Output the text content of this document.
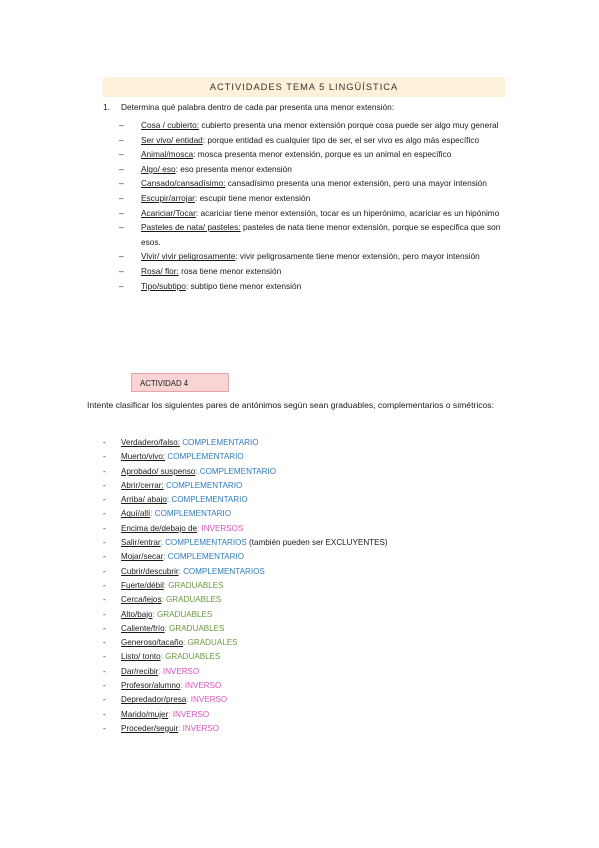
ACTIVIDADES TEMA 5 LINGÜÍSTICA
1. Determina qué palabra dentro de cada par presenta una menor extensión:
– Cosa / cubierto: cubierto presenta una menor extensión porque cosa puede ser algo muy general
– Ser vivo/ entidad: porque entidad es cualquier tipo de ser, el ser vivo es algo más específico
– Animal/mosca: mosca presenta menor extensión, porque es un animal en específico
– Algo/ eso: eso presenta menor extensión
– Cansado/cansadísimo: cansadísimo presenta una menor extensión, pero una mayor intensión
– Escupir/arrojar: escupir tiene menor extensión
– Acariciar/Tocar: acariciar tiene menor extensión, tocar es un hiperónimo, acariciar es un hipónimo
– Pasteles de nata/ pasteles: pasteles de nata tiene menor extensión, porque se especifica que son esos.
– Vivir/ vivir peligrosamente: vivir peligrosamente tiene menor extensión, pero mayor intensión
– Rosa/ flor: rosa tiene menor extensión
– Tipo/subtipo: subtipo tiene menor extensión
ACTIVIDAD 4
Intente clasificar los siguientes pares de antónimos según sean graduables, complementarios o simétricos:
- Verdadero/falso: COMPLEMENTARIO
- Muerto/vivo: COMPLEMENTARIO
- Aprobado/ suspenso: COMPLEMENTARIO
- Abrir/cerrar: COMPLEMENTARIO
- Arriba/ abajo: COMPLEMENTARIO
- Aquí/allí: COMPLEMENTARIO
- Encima de/debajo de: INVERSOS
- Salir/entrar: COMPLEMENTARIOS (también pueden ser EXCLUYENTES)
- Mojar/secar: COMPLEMENTARIO
- Cubrir/descubrir: COMPLEMENTARIOS
- Fuerte/débil: GRADUABLES
- Cerca/lejos: GRADUABLES
- Alto/bajo: GRADUABLES
- Caliente/frío: GRADUABLES
- Generoso/tacaño: GRADUALES
- Listo/ tonto: GRADUABLES
- Dar/recibir: INVERSO
- Profesor/alumno: INVERSO
- Depredador/presa: INVERSO
- Marido/mujer: INVERSO
- Proceder/seguir: INVERSO
